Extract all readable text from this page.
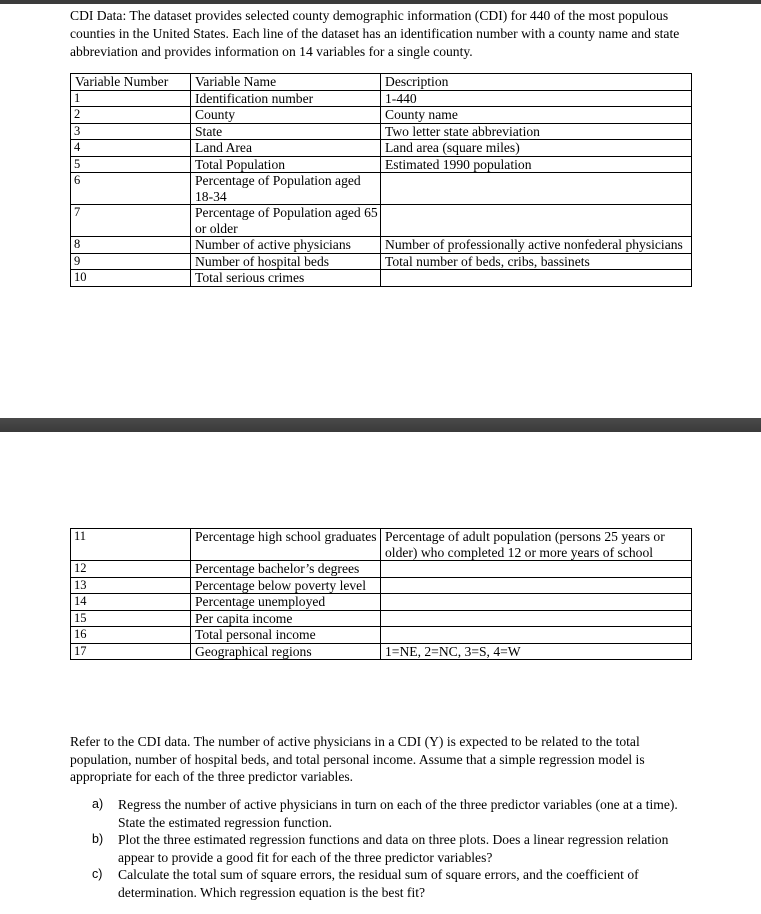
CDI Data: The dataset provides selected county demographic information (CDI) for 440 of the most populous counties in the United States. Each line of the dataset has an identification number with a county name and state abbreviation and provides information on 14 variables for a single county.

Variable Number	Variable Name	Description
1	Identification number	1-440
2	County	County name
3	State	Two letter state abbreviation
4	Land Area	Land area (square miles)
5	Total Population	Estimated 1990 population
6	Percentage of Population aged 18-34	
7	Percentage of Population aged 65 or older	
8	Number of active physicians	Number of professionally active nonfederal physicians
9	Number of hospital beds	Total number of beds, cribs, bassinets
10	Total serious crimes	
11	Percentage high school graduates	Percentage of adult population (persons 25 years or older) who completed 12 or more years of school
12	Percentage bachelor’s degrees	
13	Percentage below poverty level	
14	Percentage unemployed	
15	Per capita income	
16	Total personal income	
17	Geographical regions	1=NE, 2=NC, 3=S, 4=W

Refer to the CDI data. The number of active physicians in a CDI (Y) is expected to be related to the total population, number of hospital beds, and total personal income. Assume that a simple regression model is appropriate for each of the three predictor variables.

a) Regress the number of active physicians in turn on each of the three predictor variables (one at a time). State the estimated regression function.
b) Plot the three estimated regression functions and data on three plots. Does a linear regression relation appear to provide a good fit for each of the three predictor variables?
c) Calculate the total sum of square errors, the residual sum of square errors, and the coefficient of determination. Which regression equation is the best fit?
